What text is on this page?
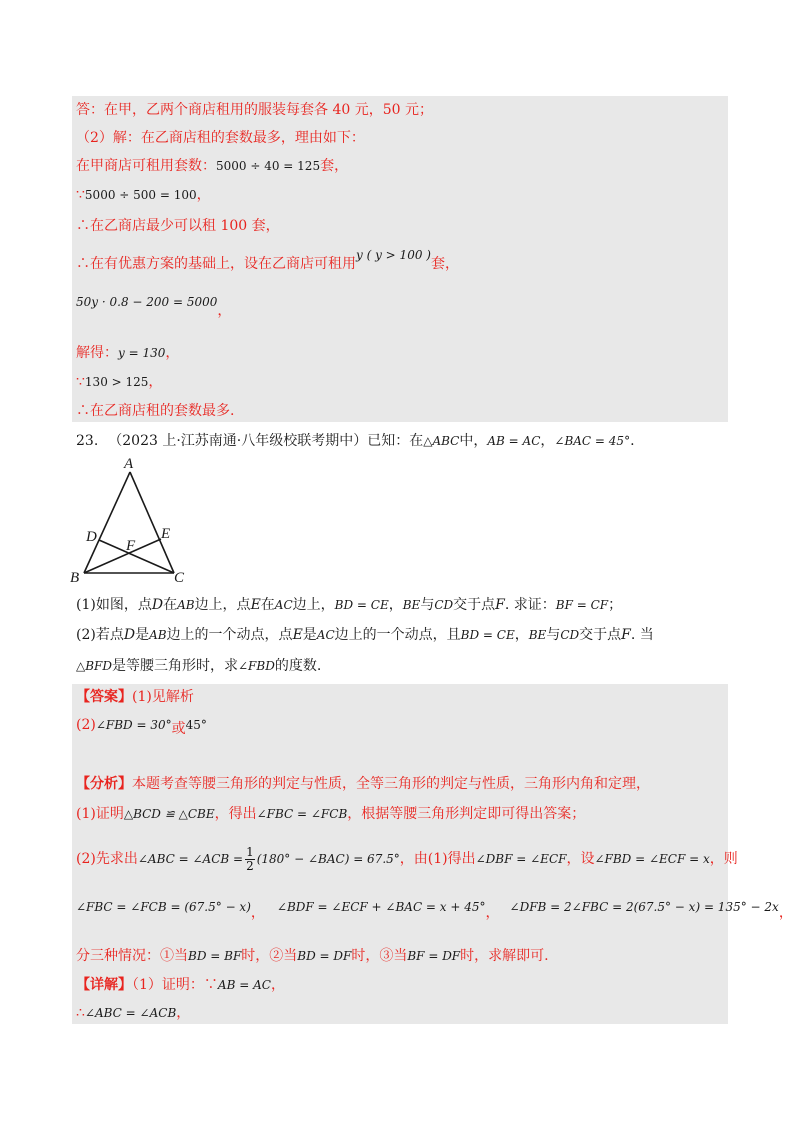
答：在甲，乙两个商店租用的服装每套各 40 元，50 元；
（2）解：在乙商店租的套数最多，理由如下：
在甲商店可租用套数：5000 ÷ 40 = 125套，
∵5000 ÷ 500 = 100，
∴在乙商店最少可以租 100 套，
∴在有优惠方案的基础上，设在乙商店可租用y ( y > 100 )套，
50y · 0.8 − 200 = 5000，
解得：y = 130，
∵130 > 125，
∴在乙商店租的套数最多.
23. （2023 上·江苏南通·八年级校联考期中）已知：在△ABC中，AB = AC，∠BAC = 45°.
A
B	C
D	E
F
(1)如图，点D在AB边上，点E在AC边上，BD = CE，BE与CD交于点F. 求证：BF = CF；
(2)若点D是AB边上的一个动点，点E是AC边上的一个动点，且BD = CE，BE与CD交于点F. 当
△BFD是等腰三角形时，求∠FBD的度数.
【答案】(1)见解析
(2)∠FBD = 30°或45°
【分析】本题考查等腰三角形的判定与性质，全等三角形的判定与性质，三角形内角和定理，
(1)证明△BCD ≌ △CBE，得出∠FBC = ∠FCB，根据等腰三角形判定即可得出答案；
(2)先求出∠ABC = ∠ACB = $\frac{1}{2} (180^\circ$ − ∠BAC) = 67.5°，由(1)得出∠DBF = ∠ECF，设∠FBD = ∠ECF = x，则
∠FBC = ∠FCB = (67.5° − x)， ∠BDF = ∠ECF + ∠BAC = x + 45°， ∠DFB = 2∠FBC = 2(67.5° − x) = 135° − 2x，
分三种情况：①当BD = BF时，②当BD = DF时，③当BF = DF时，求解即可.
【详解】（1）证明：∵AB = AC，
∴∠ABC = ∠ACB，
